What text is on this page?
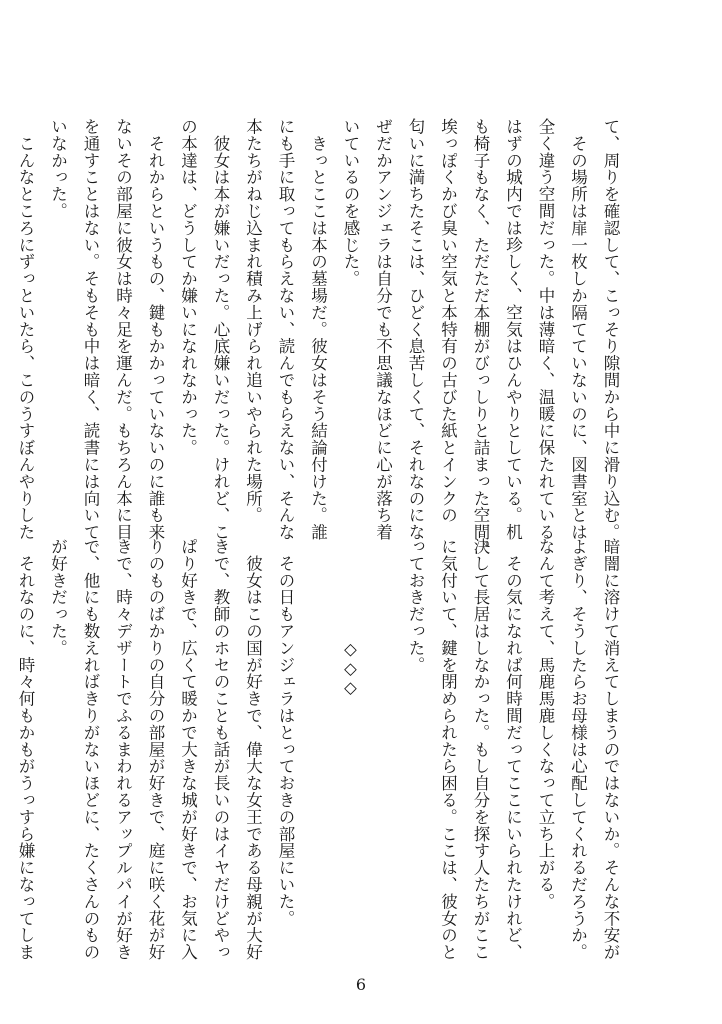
て、周りを確認して、こっそり隙間から中に滑り込む。
　その場所は扉一枚しか隔てていないのに、図書室とは
全く違う空間だった。中は薄暗く、温暖に保たれている
はずの城内では珍しく、空気はひんやりとしている。机
も椅子もなく、ただただ本棚がびっしりと詰まった空間。
埃っぽくかび臭い空気と本特有の古びた紙とインクの
匂いに満ちたそこは、ひどく息苦しくて、それなのにな
ぜだかアンジェラは自分でも不思議なほどに心が落ち着
いているのを感じた。
　きっとここは本の墓場だ。彼女はそう結論付けた。誰
にも手に取ってもらえない、読んでもらえない、そんな
本たちがねじ込まれ積み上げられ追いやられた場所。
　彼女は本が嫌いだった。心底嫌いだった。けれど、こ
の本達は、どうしてか嫌いになれなかった。
　それからというもの、鍵もかかっていないのに誰も来
ないその部屋に彼女は時々足を運んだ。もちろん本に目
を通すことはない。そもそも中は暗く、読書には向いて
いなかった。
　こんなところにずっといたら、このうすぼんやりした
暗闇に溶けて消えてしまうのではないか。そんな不安が
よぎり、そうしたらお母様は心配してくれるだろうか。
なんて考えて、馬鹿馬鹿しくなって立ち上がる。
　その気になれば何時間だってここにいられたけれど、
決して長居はしなかった。もし自分を探す人たちがここ
に気付いて、鍵を閉められたら困る。ここは、彼女のと
っておきだった。

　　　　　　◇◇◇

　その日もアンジェラはとっておきの部屋にいた。
　彼女はこの国が好きで、偉大な女王である母親が大好
きで、教師のホセのことも話が長いのはイヤだけどやっ
ぱり好きで、広くて暖かで大きな城が好きで、お気に入
りのものばかりの自分の部屋が好きで、庭に咲く花が好
きで、時々デザートでふるまわれるアップルパイが好き
で、他にも数えればきりがないほどに、たくさんのもの
が好きだった。
　それなのに、時々何もかもがうっすら嫌になってしま
6
